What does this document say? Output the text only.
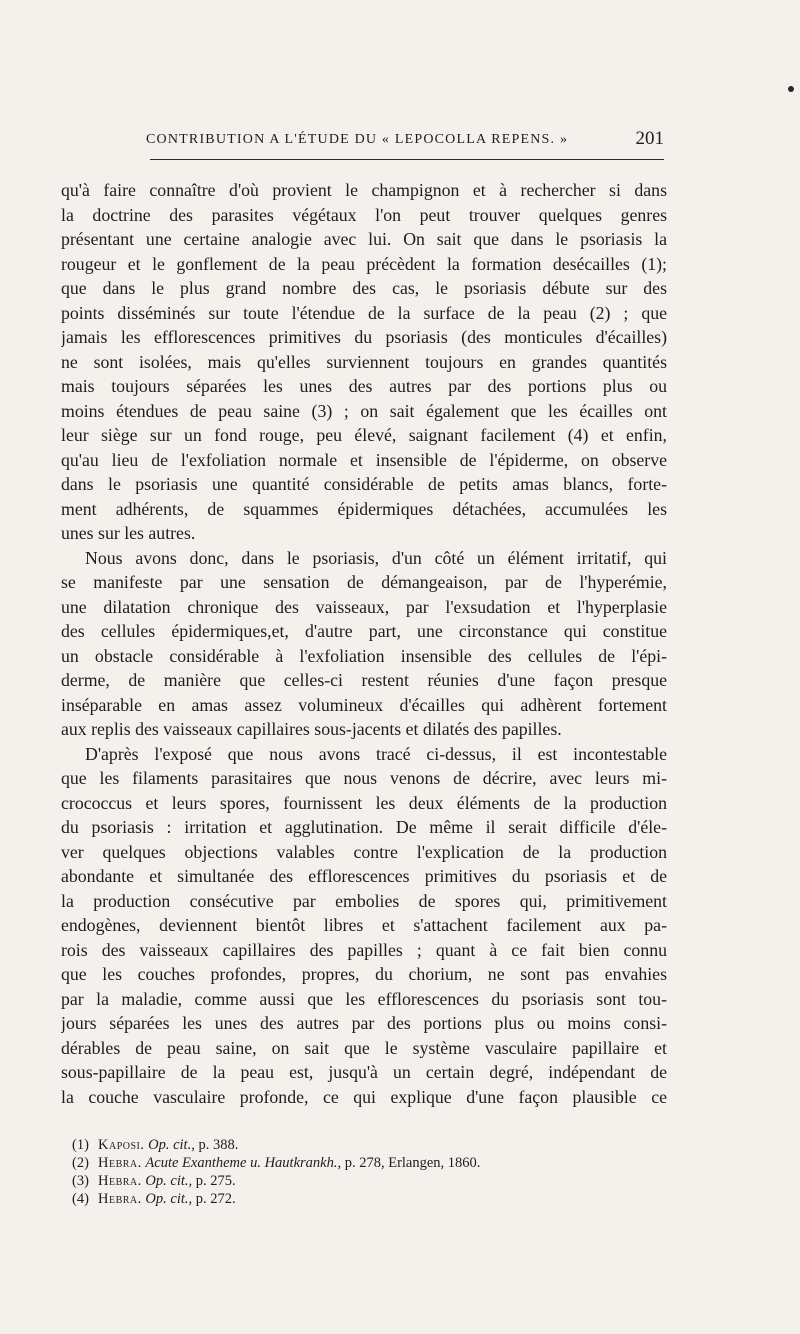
CONTRIBUTION A L'ÉTUDE DU « LEPOCOLLA REPENS. »	201
qu'à faire connaître d'où provient le champignon et à rechercher si dans
la doctrine des parasites végétaux l'on peut trouver quelques genres
présentant une certaine analogie avec lui. On sait que dans le psoriasis la
rougeur et le gonflement de la peau précèdent la formation desécailles (1);
que dans le plus grand nombre des cas, le psoriasis débute sur des
points disséminés sur toute l'étendue de la surface de la peau (2) ; que
jamais les efflorescences primitives du psoriasis (des monticules d'écailles)
ne sont isolées, mais qu'elles surviennent toujours en grandes quantités
mais toujours séparées les unes des autres par des portions plus ou
moins étendues de peau saine (3) ; on sait également que les écailles ont
leur siège sur un fond rouge, peu élevé, saignant facilement (4) et enfin,
qu'au lieu de l'exfoliation normale et insensible de l'épiderme, on observe
dans le psoriasis une quantité considérable de petits amas blancs, forte-
ment adhérents, de squammes épidermiques détachées, accumulées les
unes sur les autres.
Nous avons donc, dans le psoriasis, d'un côté un élément irritatif, qui
se manifeste par une sensation de démangeaison, par de l'hyperémie,
une dilatation chronique des vaisseaux, par l'exsudation et l'hyperplasie
des cellules épidermiques,et, d'autre part, une circonstance qui constitue
un obstacle considérable à l'exfoliation insensible des cellules de l'épi-
derme, de manière que celles-ci restent réunies d'une façon presque
inséparable en amas assez volumineux d'écailles qui adhèrent fortement
aux replis des vaisseaux capillaires sous-jacents et dilatés des papilles.
D'après l'exposé que nous avons tracé ci-dessus, il est incontestable
que les filaments parasitaires que nous venons de décrire, avec leurs mi-
crococcus et leurs spores, fournissent les deux éléments de la production
du psoriasis : irritation et agglutination. De même il serait difficile d'éle-
ver quelques objections valables contre l'explication de la production
abondante et simultanée des efflorescences primitives du psoriasis et de
la production consécutive par embolies de spores qui, primitivement
endogènes, deviennent bientôt libres et s'attachent facilement aux pa-
rois des vaisseaux capillaires des papilles ; quant à ce fait bien connu
que les couches profondes, propres, du chorium, ne sont pas envahies
par la maladie, comme aussi que les efflorescences du psoriasis sont tou-
jours séparées les unes des autres par des portions plus ou moins consi-
dérables de peau saine, on sait que le système vasculaire papillaire et
sous-papillaire de la peau est, jusqu'à un certain degré, indépendant de
la couche vasculaire profonde, ce qui explique d'une façon plausible ce
(1) Kaposi. Op. cit., p. 388.
(2) Hebra. Acute Exantheme u. Hautkrankh., p. 278, Erlangen, 1860.
(3) Hebra. Op. cit., p. 275.
(4) Hebra. Op. cit., p. 272.
